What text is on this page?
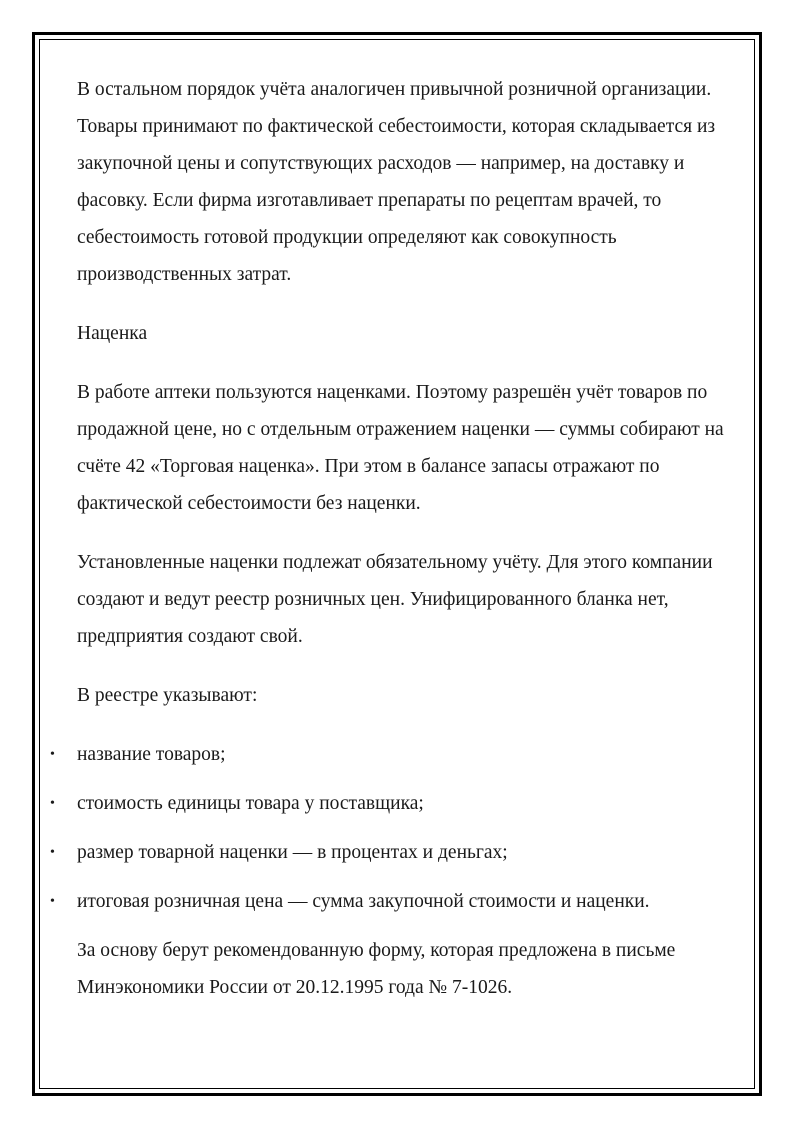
В остальном порядок учёта аналогичен привычной розничной организации. Товары принимают по фактической себестоимости, которая складывается из закупочной цены и сопутствующих расходов — например, на доставку и фасовку. Если фирма изготавливает препараты по рецептам врачей, то себестоимость готовой продукции определяют как совокупность производственных затрат.

Наценка

В работе аптеки пользуются наценками. Поэтому разрешён учёт товаров по продажной цене, но с отдельным отражением наценки — суммы собирают на счёте 42 «Торговая наценка». При этом в балансе запасы отражают по фактической себестоимости без наценки.

Установленные наценки подлежат обязательному учёту. Для этого компании создают и ведут реестр розничных цен. Унифицированного бланка нет, предприятия создают свой.

В реестре указывают:

• название товаров;
• стоимость единицы товара у поставщика;
• размер товарной наценки — в процентах и деньгах;
• итоговая розничная цена — сумма закупочной стоимости и наценки.

За основу берут рекомендованную форму, которая предложена в письме Минэкономики России от 20.12.1995 года № 7-1026.
